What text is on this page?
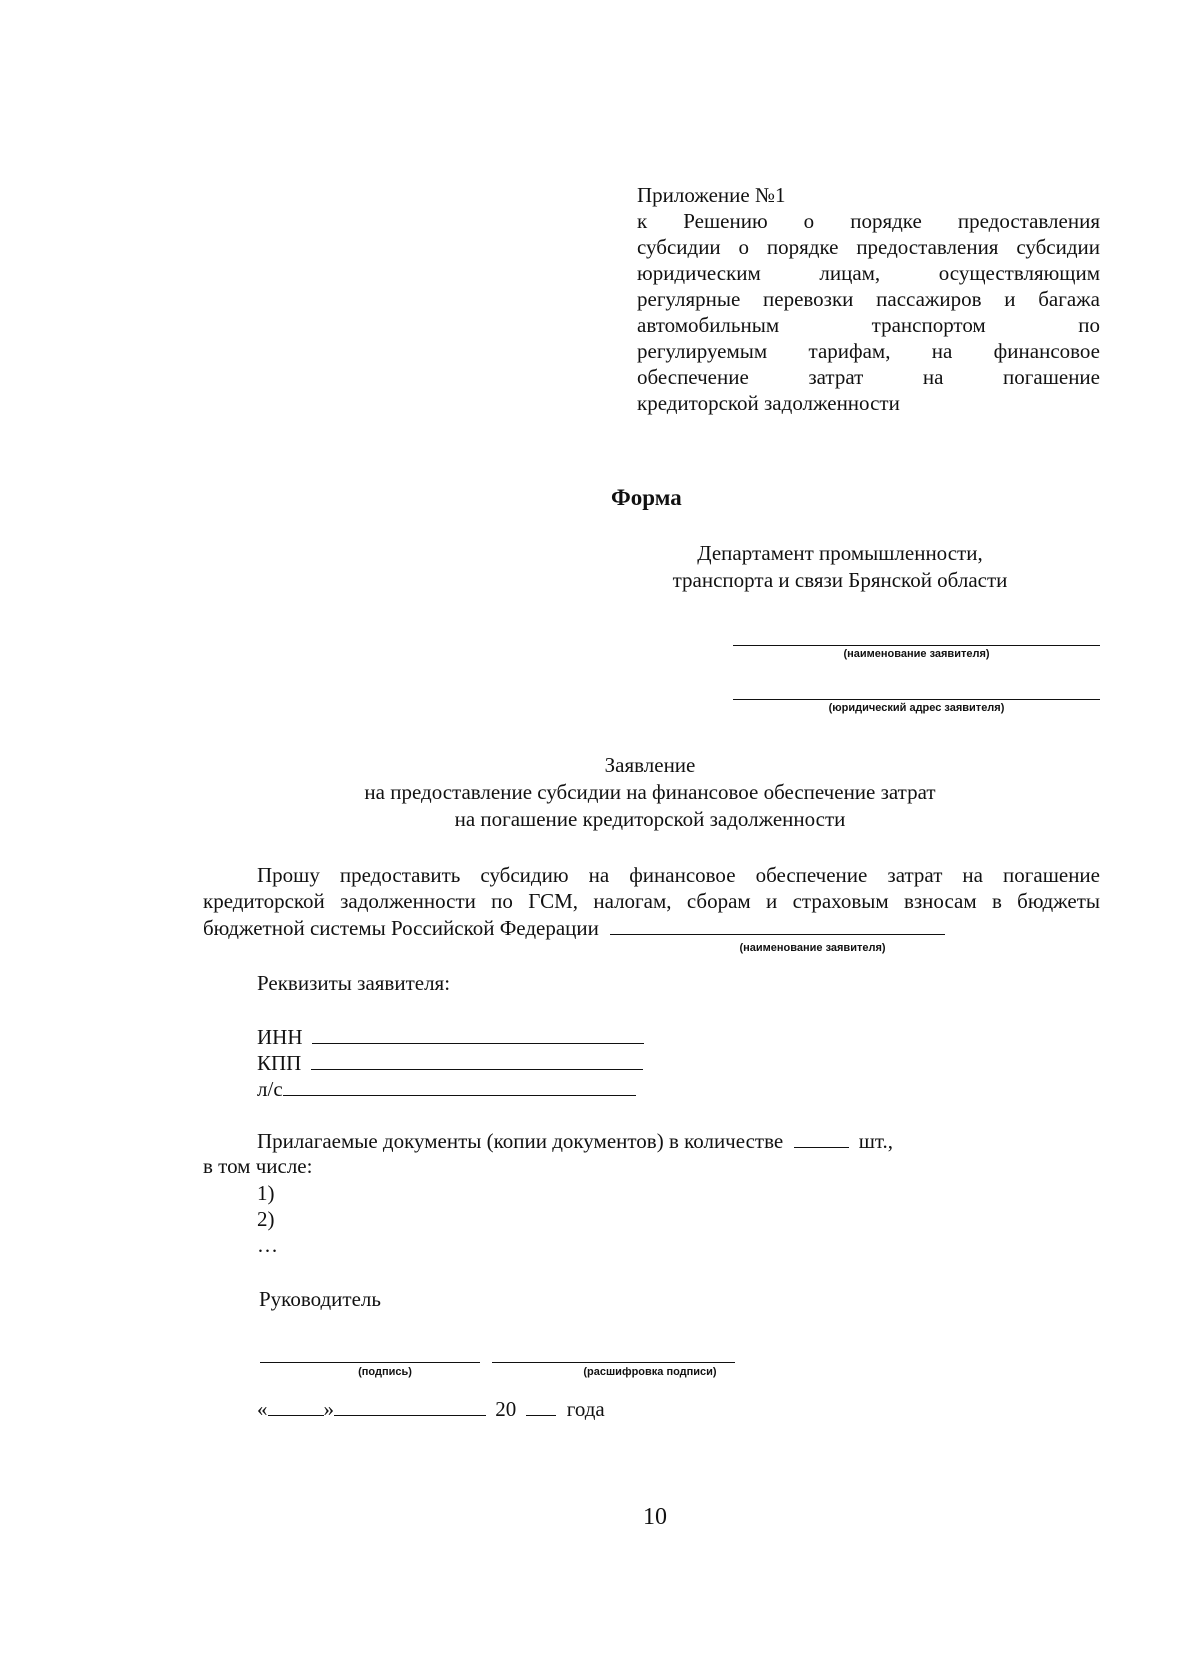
Приложение №1
к Решению о порядке предоставления
субсидии о порядке предоставления субсидии
юридическим лицам, осуществляющим
регулярные перевозки пассажиров и багажа
автомобильным транспортом по
регулируемым тарифам, на финансовое
обеспечение затрат на погашение
кредиторской задолженности
Форма
Департамент промышленности,
транспорта и связи Брянской области
(наименование заявителя)
(юридический адрес заявителя)
Заявление
на предоставление субсидии на финансовое обеспечение затрат
на погашение кредиторской задолженности
Прошу предоставить субсидию на финансовое обеспечение затрат на погашение
кредиторской задолженности по ГСМ, налогам, сборам и страховым взносам в бюджеты
бюджетной системы Российской Федерации
(наименование заявителя)
Реквизиты заявителя:
ИНН
КПП
л/с
Прилагаемые документы (копии документов) в количестве	шт.,
в том числе:
1)
2)
…
Руководитель
(подпись)	(расшифровка подписи)
«	»	20 года
10
